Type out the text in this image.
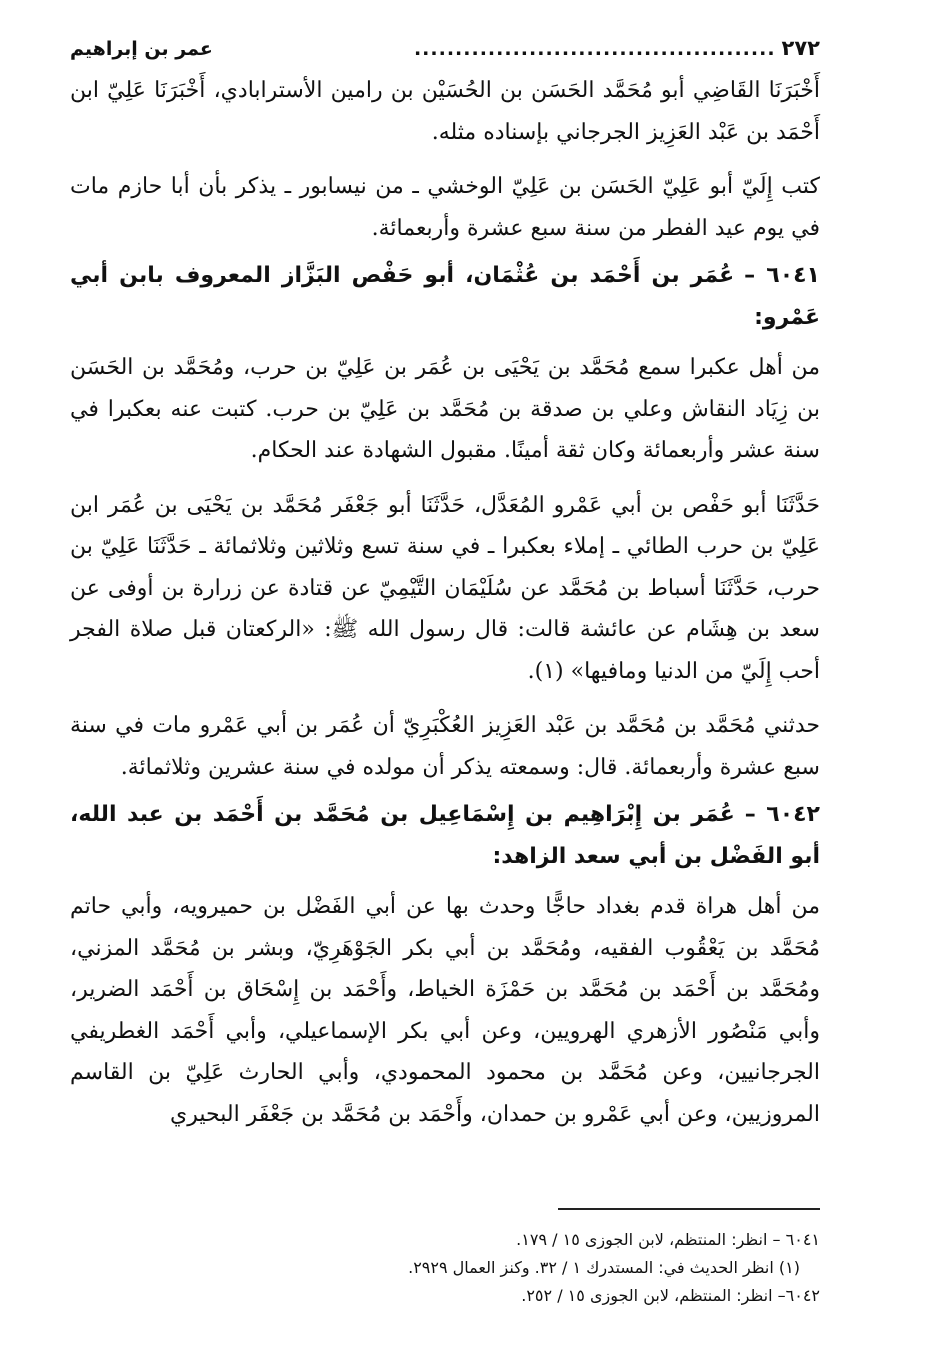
٢٧٢
............................................
عمر بن إبراهيم

أَخْبَرَنَا القَاضِي أبو مُحَمَّد الحَسَن بن الحُسَيْن بن رامين الأسترابادي، أَخْبَرَنَا عَلِيّ ابن أَحْمَد بن عَبْد العَزِيز الجرجاني بإسناده مثله.

كتب إِلَيّ أبو عَلِيّ الحَسَن بن عَلِيّ الوخشي ـ من نيسابور ـ يذكر بأن أبا حازم مات في يوم عيد الفطر من سنة سبع عشرة وأربعمائة.

٦٠٤١ –عُمَر بن أَحْمَد بن عُثْمَان، أبو حَفْص البَزَّاز المعروف بابن أبي عَمْرو:

من أهل عكبرا سمع مُحَمَّد بن يَحْيَى بن عُمَر بن عَلِيّ بن حرب، ومُحَمَّد بن الحَسَن بن زِيَاد النقاش وعلي بن صدقة بن مُحَمَّد بن عَلِيّ بن حرب. كتبت عنه بعكبرا في سنة عشر وأربعمائة وكان ثقة أمينًا. مقبول الشهادة عند الحكام.

حَدَّثَنَا أبو حَفْص بن أبي عَمْرو المُعَدَّل، حَدَّثَنَا أبو جَعْفَر مُحَمَّد بن يَحْيَى بن عُمَر ابن عَلِيّ بن حرب الطائي ـ إملاء بعكبرا ـ في سنة تسع وثلاثين وثلاثمائة ـ حَدَّثَنَا عَلِيّ بن حرب، حَدَّثَنَا أسباط بن مُحَمَّد عن سُلَيْمَان التَّيْمِيّ عن قتادة عن زرارة بن أوفى عن سعد بن هِشَام عن عائشة قالت: قال رسول الله ﷺ: «الركعتان قبل صلاة الفجر أحب إِلَيّ من الدنيا ومافيها» (١).

حدثني مُحَمَّد بن مُحَمَّد بن عَبْد العَزِيز العُكْبَرِيّ أن عُمَر بن أبي عَمْرو مات في سنة سبع عشرة وأربعمائة. قال: وسمعته يذكر أن مولده في سنة عشرين وثلاثمائة.

٦٠٤٢ –عُمَر بن إِبْرَاهِيم بن إِسْمَاعِيل بن مُحَمَّد بن أَحْمَد بن عبد الله، أبو الفَضْل بن أبي سعد الزاهد:

من أهل هراة قدم بغداد حاجًّا وحدث بها عن أبي الفَضْل بن حميرويه، وأبي حاتم مُحَمَّد بن يَعْقُوب الفقيه، ومُحَمَّد بن أبي بكر الجَوْهَرِيّ، وبشر بن مُحَمَّد المزني، ومُحَمَّد بن أَحْمَد بن مُحَمَّد بن حَمْزَة الخياط، وأَحْمَد بن إِسْحَاق بن أَحْمَد الضرير، وأبي مَنْصُور الأزهري الهرويين، وعن أبي بكر الإسماعيلي، وأبي أَحْمَد الغطريفي الجرجانيين، وعن مُحَمَّد بن محمود المحمودي، وأبي الحارث عَلِيّ بن القاسم المروزيين، وعن أبي عَمْرو بن حمدان، وأَحْمَد بن مُحَمَّد بن جَعْفَر البحيري

٦٠٤١ – انظر: المنتظم، لابن الجوزى ١٥ / ١٧٩.

(١) انظر الحديث في: المستدرك ١ / ٣٢. وكنز العمال ٢٩٢٩.

٦٠٤٢– انظر: المنتظم، لابن الجوزى ١٥ / ٢٥٢.
